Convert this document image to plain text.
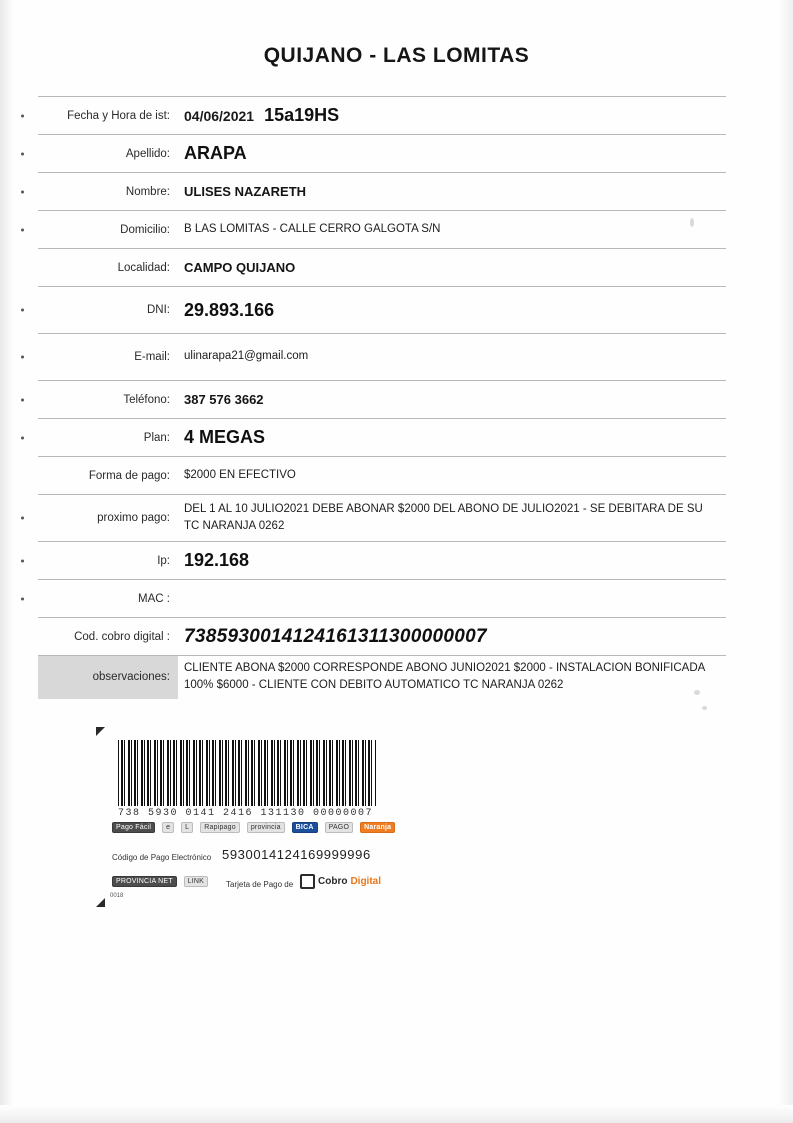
QUIJANO - LAS LOMITAS
Fecha y Hora de ist:	04/06/2021 15a19HS
Apellido: ARAPA
Nombre:	ULISES NAZARETH
Domicilio:	B LAS LOMITAS - CALLE CERRO GALGOTA S/N
Localidad:	CAMPO QUIJANO
DNI: 29.893.166
E-mail:	ulinarapa21@gmail.com
Teléfono:	387 576 3662
Plan: 4 MEGAS
Forma de pago:	$2000 EN EFECTIVO
proximo pago:
DEL 1 AL 10 JULIO2021 DEBE ABONAR $2000 DEL ABONO DE JULIO2021 - SE DEBITARA DE SU TC NARANJA 0262
Ip: 192.168
MAC :
Cod. cobro digital : 7385930014124161311300000007
observaciones:
CLIENTE ABONA $2000 CORRESPONDE ABONO JUNIO2021 $2000 - INSTALACION BONIFICADA 100% $6000 - CLIENTE CON DEBITO AUTOMATICO TC NARANJA 0262
738 5930 0141 2416 131130 00000007
Pago Fácil	e	L	Rapipago	provincia	BICA	PAGO	Naranja
Código de Pago Electrónico 5930014124169999996
PROVINCIA NET	LINK	Tarjeta de Pago de Cobro Digital
0018
